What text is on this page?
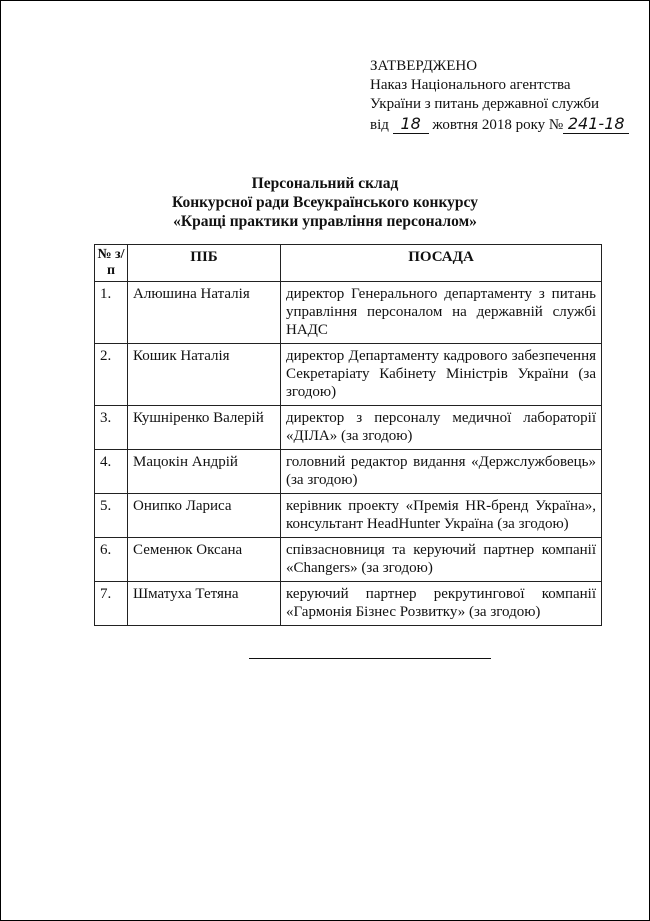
ЗАТВЕРДЖЕНО
Наказ Національного агентства
України з питань державної служби
від 18 жовтня 2018 року № 241-18
Персональний склад
Конкурсної ради Всеукраїнського конкурсу
«Кращі практики управління персоналом»
№ з/п	ПІБ	ПОСАДА
1.	Алюшина Наталія	директор Генерального департаменту з питань управління персоналом на державній службі НАДС
2.	Кошик Наталія	директор Департаменту кадрового забезпечення Секретаріату Кабінету Міністрів України (за згодою)
3.	Кушніренко Валерій	директор з персоналу медичної лабораторії «ДІЛА» (за згодою)
4.	Мацокін Андрій	головний редактор видання «Держслужбовець» (за згодою)
5.	Онипко Лариса	керівник проекту «Премія HR-бренд Україна», консультант HeadHunter Україна (за згодою)
6.	Семенюк Оксана	співзасновниця та керуючий партнер компанії «Changers» (за згодою)
7.	Шматуха Тетяна	керуючий партнер рекрутингової компанії «Гармонія Бізнес Розвитку» (за згодою)
